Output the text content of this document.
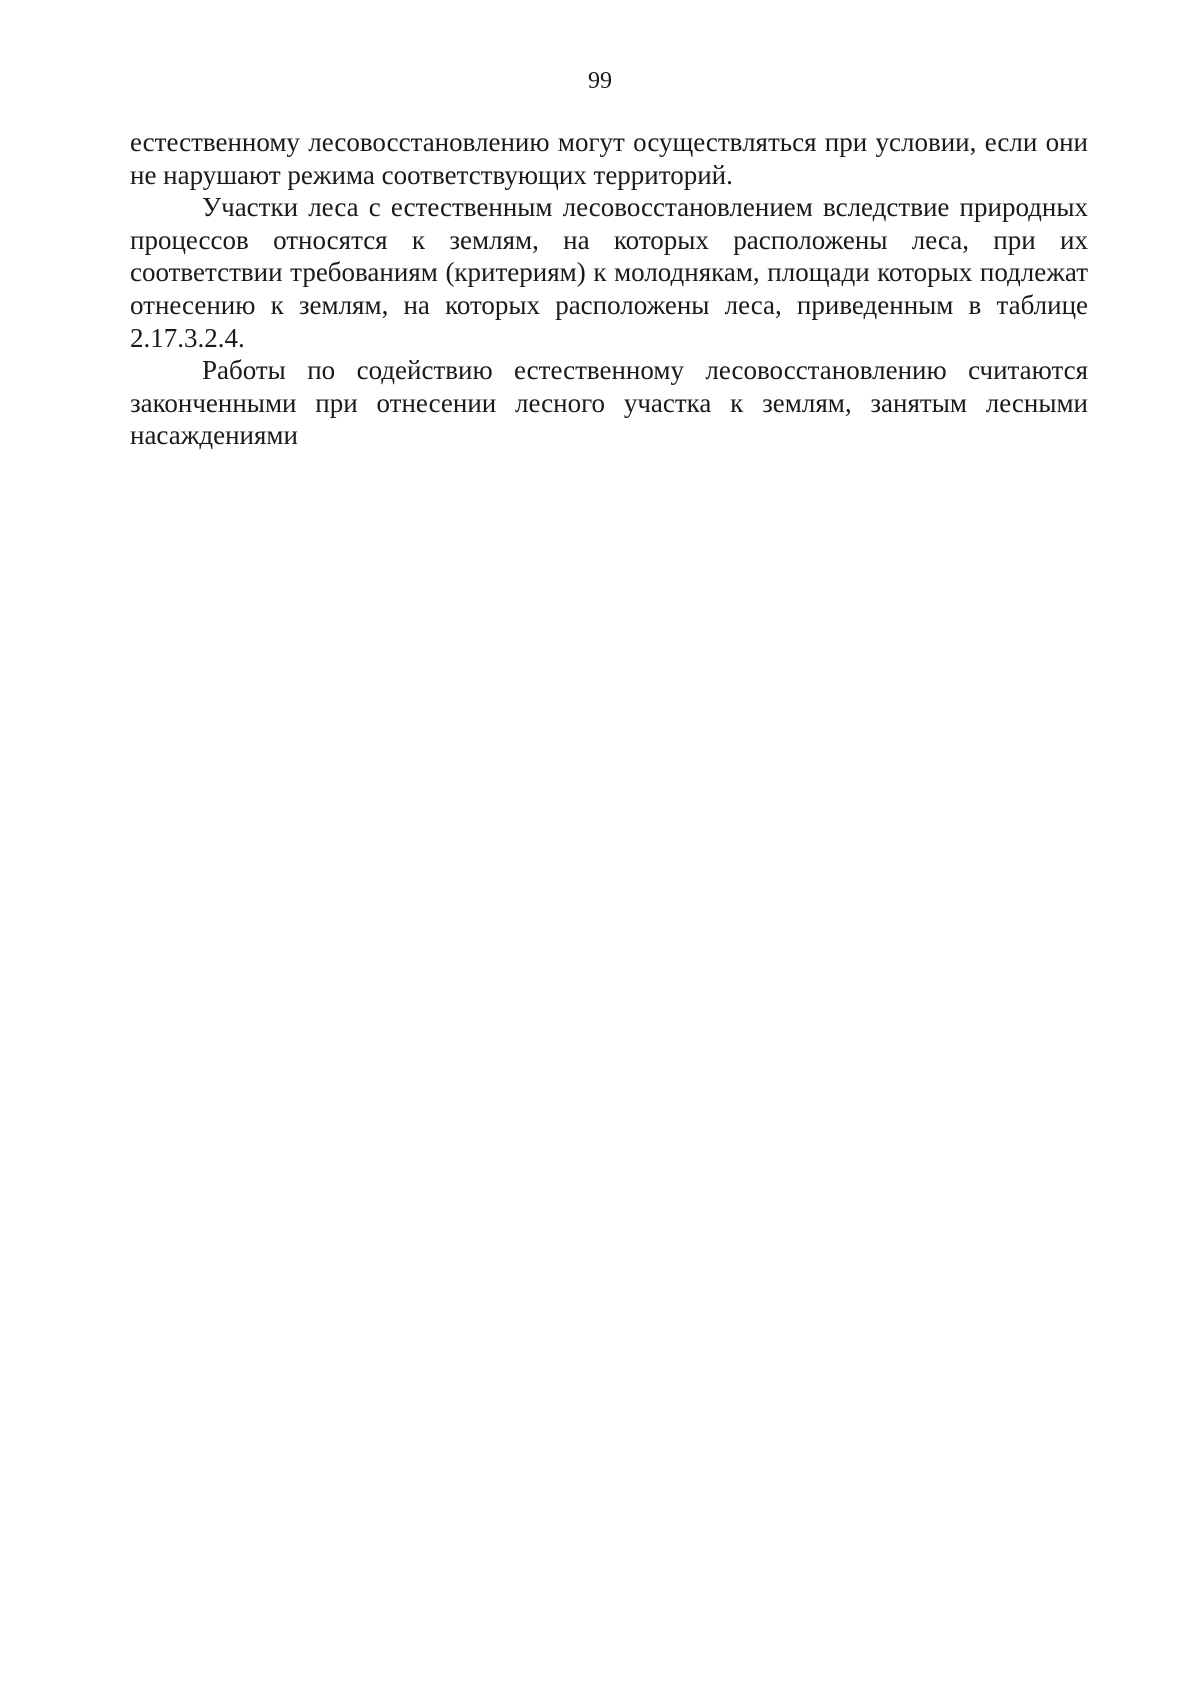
99

естественному лесовосстановлению могут осуществляться при условии, если они не нарушают режима соответствующих территорий.

Участки леса с естественным лесовосстановлением вследствие природных процессов относятся к землям, на которых расположены леса, при их соответствии требованиям (критериям) к молоднякам, площади которых подлежат отнесению к землям, на которых расположены леса, приведенным в таблице 2.17.3.2.4.

Работы по содействию естественному лесовосстановлению считаются законченными при отнесении лесного участка к землям, занятым лесными насаждениями
